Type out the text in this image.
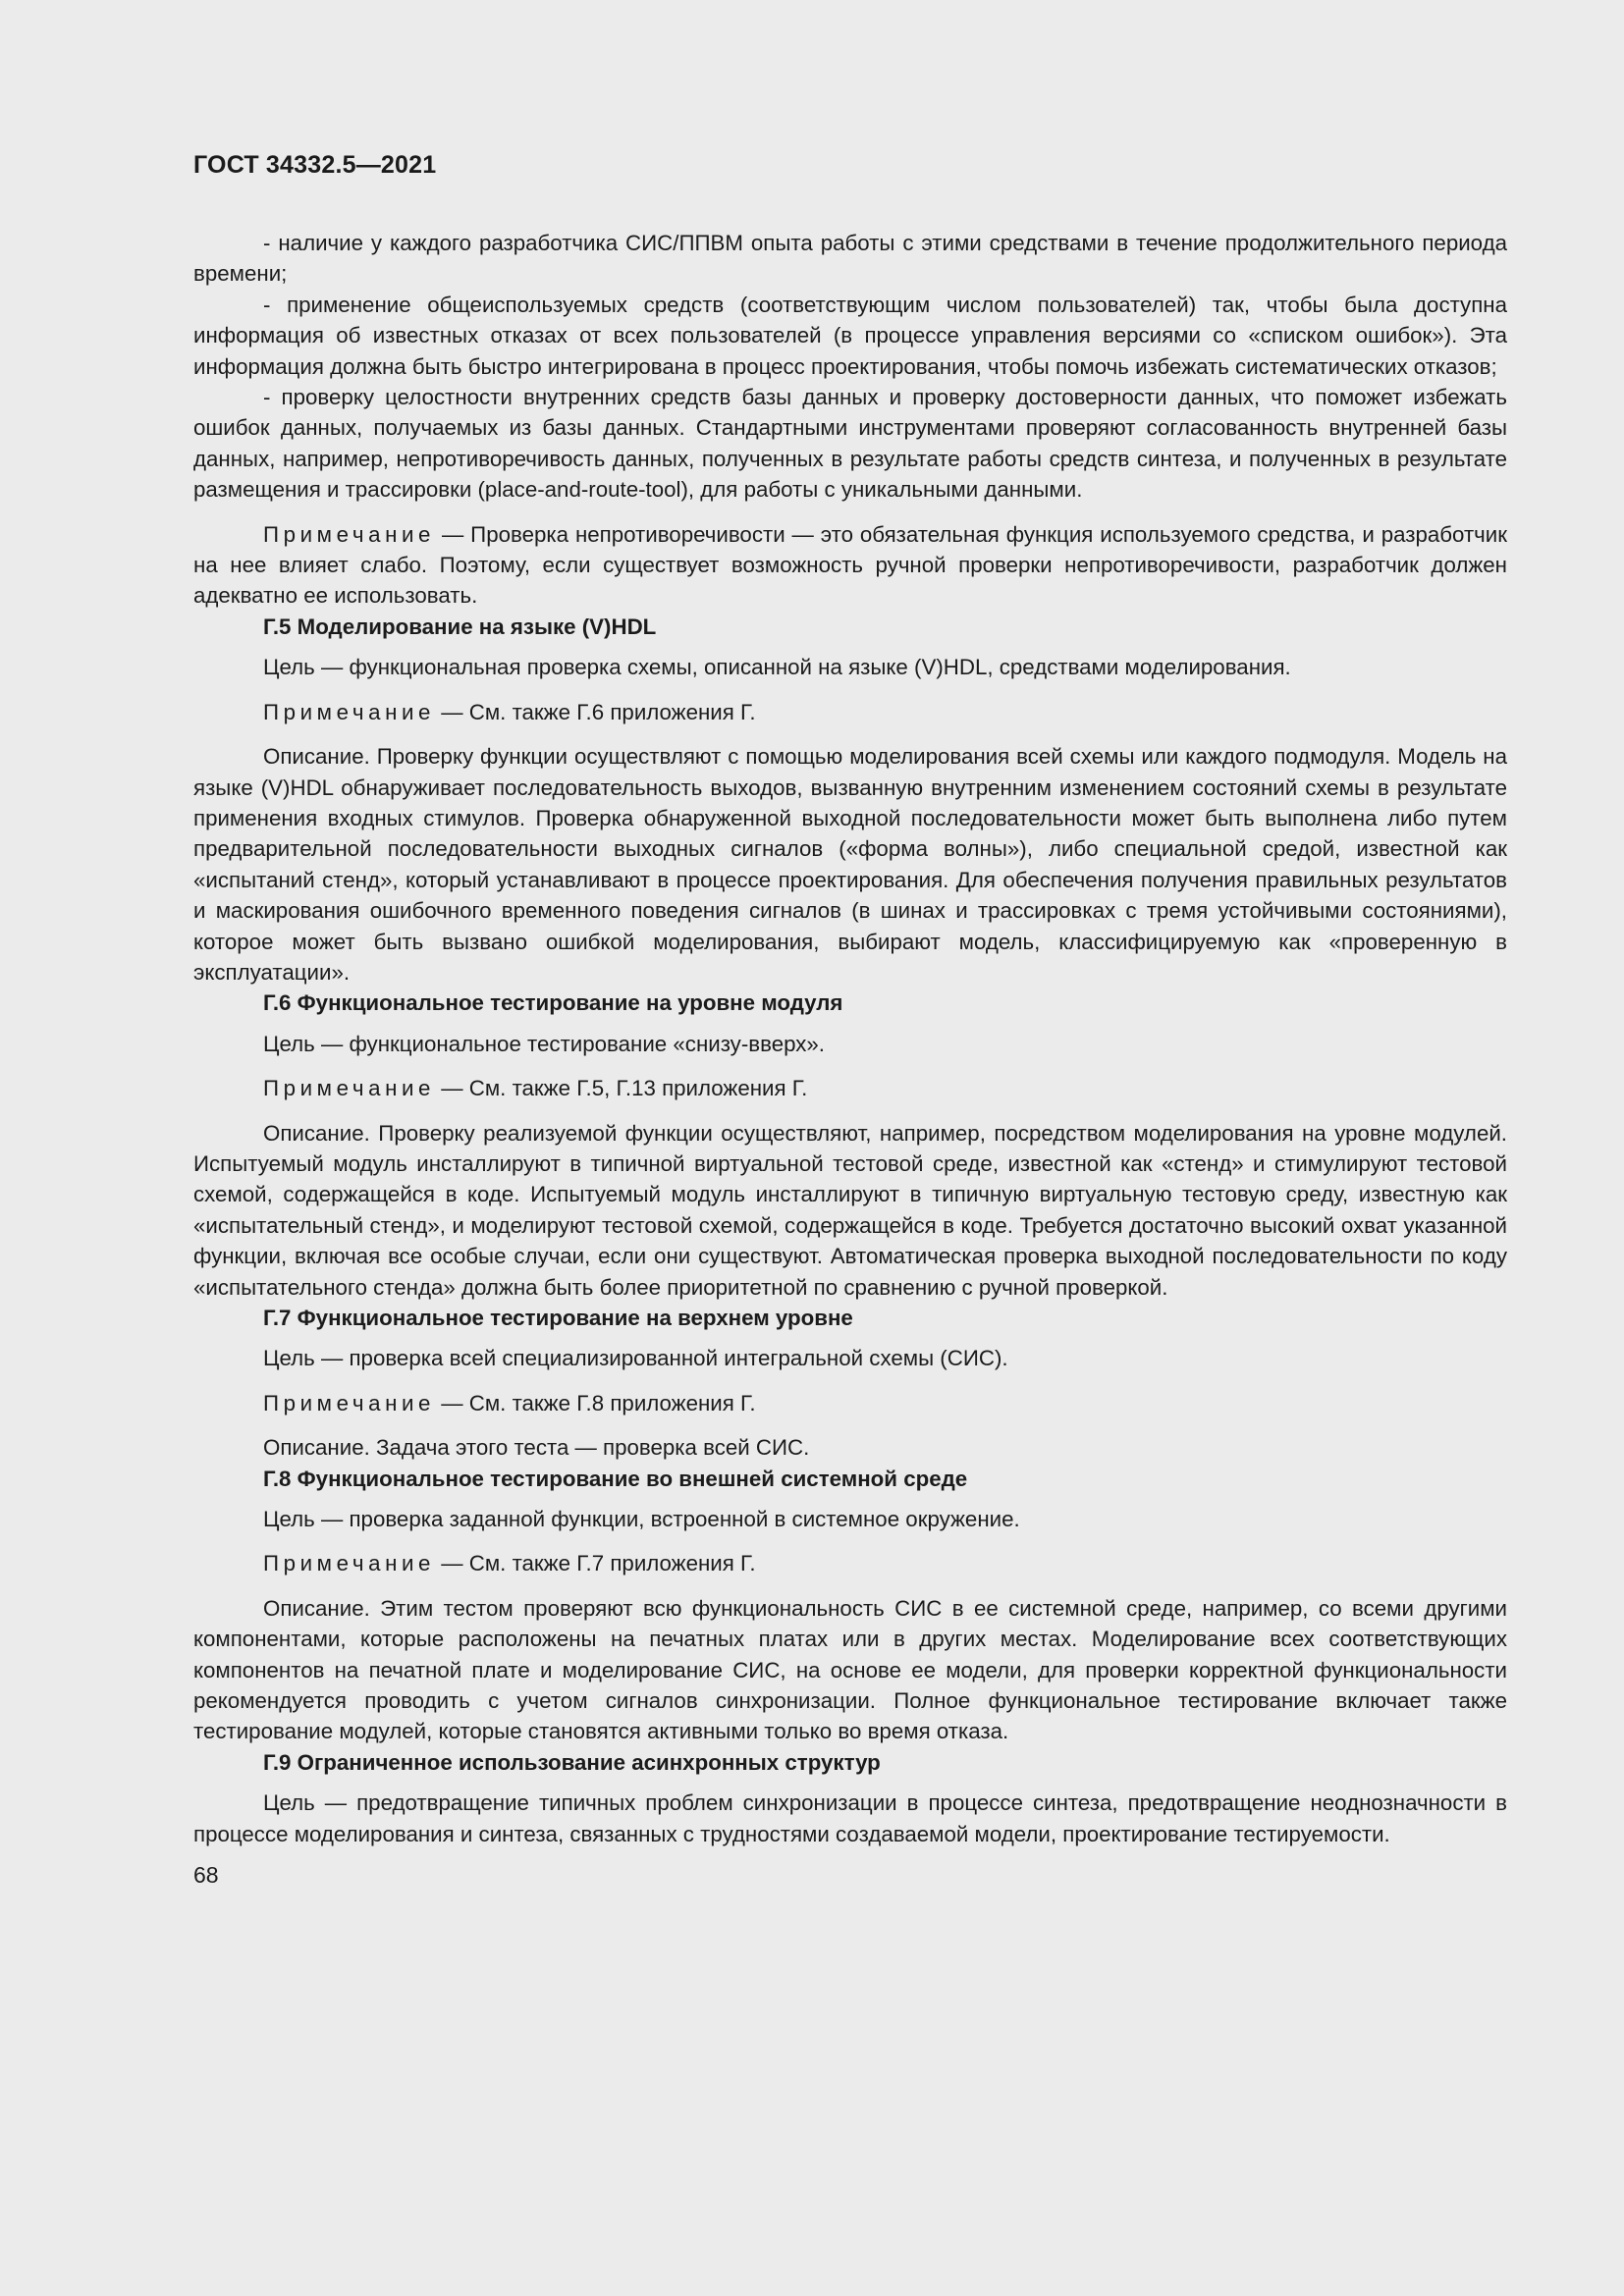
ГОСТ 34332.5—2021

- наличие у каждого разработчика СИС/ППВМ опыта работы с этими средствами в течение продолжительного периода времени;

- применение общеиспользуемых средств (соответствующим числом пользователей) так, чтобы была доступна информация об известных отказах от всех пользователей (в процессе управления версиями со «списком ошибок»). Эта информация должна быть быстро интегрирована в процесс проектирования, чтобы помочь избежать систематических отказов;

- проверку целостности внутренних средств базы данных и проверку достоверности данных, что поможет избежать ошибок данных, получаемых из базы данных. Стандартными инструментами проверяют согласованность внутренней базы данных, например, непротиворечивость данных, полученных в результате работы средств синтеза, и полученных в результате размещения и трассировки (place-and-route-tool), для работы с уникальными данными.

Примечание — Проверка непротиворечивости — это обязательная функция используемого средства, и разработчик на нее влияет слабо. Поэтому, если существует возможность ручной проверки непротиворечивости, разработчик должен адекватно ее использовать.

Г.5 Моделирование на языке (V)HDL

Цель — функциональная проверка схемы, описанной на языке (V)HDL, средствами моделирования.

Примечание — См. также Г.6 приложения Г.

Описание. Проверку функции осуществляют с помощью моделирования всей схемы или каждого подмодуля. Модель на языке (V)HDL обнаруживает последовательность выходов, вызванную внутренним изменением состояний схемы в результате применения входных стимулов. Проверка обнаруженной выходной последовательности может быть выполнена либо путем предварительной последовательности выходных сигналов («форма волны»), либо специальной средой, известной как «испытаний стенд», который устанавливают в процессе проектирования. Для обеспечения получения правильных результатов и маскирования ошибочного временного поведения сигналов (в шинах и трассировках с тремя устойчивыми состояниями), которое может быть вызвано ошибкой моделирования, выбирают модель, классифицируемую как «проверенную в эксплуатации».

Г.6 Функциональное тестирование на уровне модуля

Цель — функциональное тестирование «снизу-вверх».

Примечание — См. также Г.5, Г.13 приложения Г.

Описание. Проверку реализуемой функции осуществляют, например, посредством моделирования на уровне модулей. Испытуемый модуль инсталлируют в типичной виртуальной тестовой среде, известной как «стенд» и стимулируют тестовой схемой, содержащейся в коде. Испытуемый модуль инсталлируют в типичную виртуальную тестовую среду, известную как «испытательный стенд», и моделируют тестовой схемой, содержащейся в коде. Требуется достаточно высокий охват указанной функции, включая все особые случаи, если они существуют. Автоматическая проверка выходной последовательности по коду «испытательного стенда» должна быть более приоритетной по сравнению с ручной проверкой.

Г.7 Функциональное тестирование на верхнем уровне

Цель — проверка всей специализированной интегральной схемы (СИС).

Примечание — См. также Г.8 приложения Г.

Описание. Задача этого теста — проверка всей СИС.

Г.8 Функциональное тестирование во внешней системной среде

Цель — проверка заданной функции, встроенной в системное окружение.

Примечание — См. также Г.7 приложения Г.

Описание. Этим тестом проверяют всю функциональность СИС в ее системной среде, например, со всеми другими компонентами, которые расположены на печатных платах или в других местах. Моделирование всех соответствующих компонентов на печатной плате и моделирование СИС, на основе ее модели, для проверки корректной функциональности рекомендуется проводить с учетом сигналов синхронизации. Полное функциональное тестирование включает также тестирование модулей, которые становятся активными только во время отказа.

Г.9 Ограниченное использование асинхронных структур

Цель — предотвращение типичных проблем синхронизации в процессе синтеза, предотвращение неоднозначности в процессе моделирования и синтеза, связанных с трудностями создаваемой модели, проектирование тестируемости.

68
